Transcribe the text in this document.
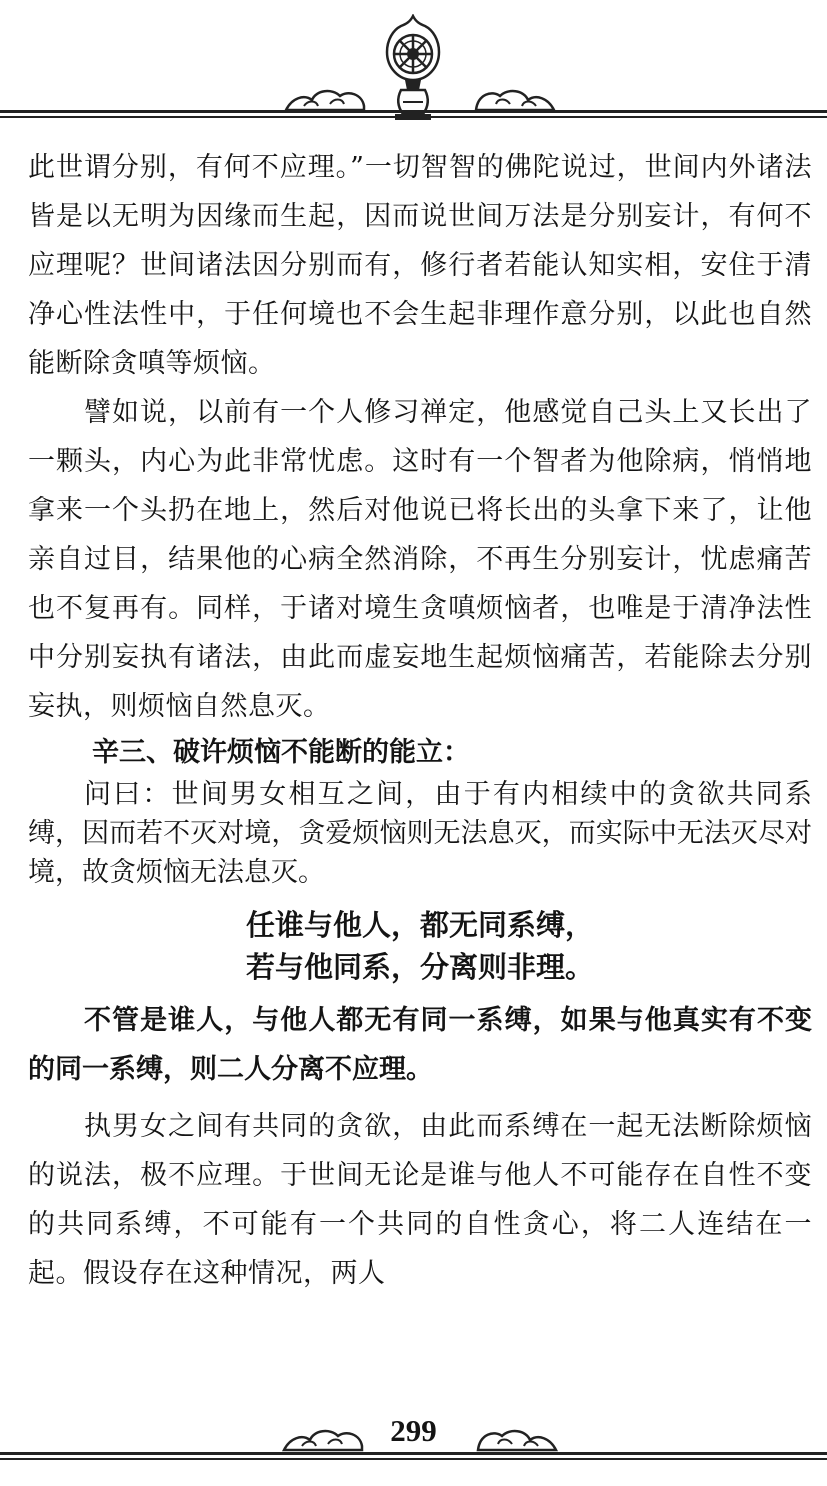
此世谓分别，有何不应理。”一切智智的佛陀说过，世间内外诸法皆是以无明为因缘而生起，因而说世间万法是分别妄计，有何不应理呢？世间诸法因分别而有，修行者若能认知实相，安住于清净心性法性中，于任何境也不会生起非理作意分别，以此也自然能断除贪嗔等烦恼。

譬如说，以前有一个人修习禅定，他感觉自己头上又长出了一颗头，内心为此非常忧虑。这时有一个智者为他除病，悄悄地拿来一个头扔在地上，然后对他说已将长出的头拿下来了，让他亲自过目，结果他的心病全然消除，不再生分别妄计，忧虑痛苦也不复再有。同样，于诸对境生贪嗔烦恼者，也唯是于清净法性中分别妄执有诸法，由此而虚妄地生起烦恼痛苦，若能除去分别妄执，则烦恼自然息灭。

辛三、破许烦恼不能断的能立：

问曰：世间男女相互之间，由于有内相续中的贪欲共同系缚，因而若不灭对境，贪爱烦恼则无法息灭，而实际中无法灭尽对境，故贪烦恼无法息灭。

任谁与他人，都无同系缚，

若与他同系，分离则非理。

不管是谁人，与他人都无有同一系缚，如果与他真实有不变的同一系缚，则二人分离不应理。

执男女之间有共同的贪欲，由此而系缚在一起无法断除烦恼的说法，极不应理。于世间无论是谁与他人不可能存在自性不变的共同系缚，不可能有一个共同的自性贪心，将二人连结在一起。假设存在这种情况，两人

299
